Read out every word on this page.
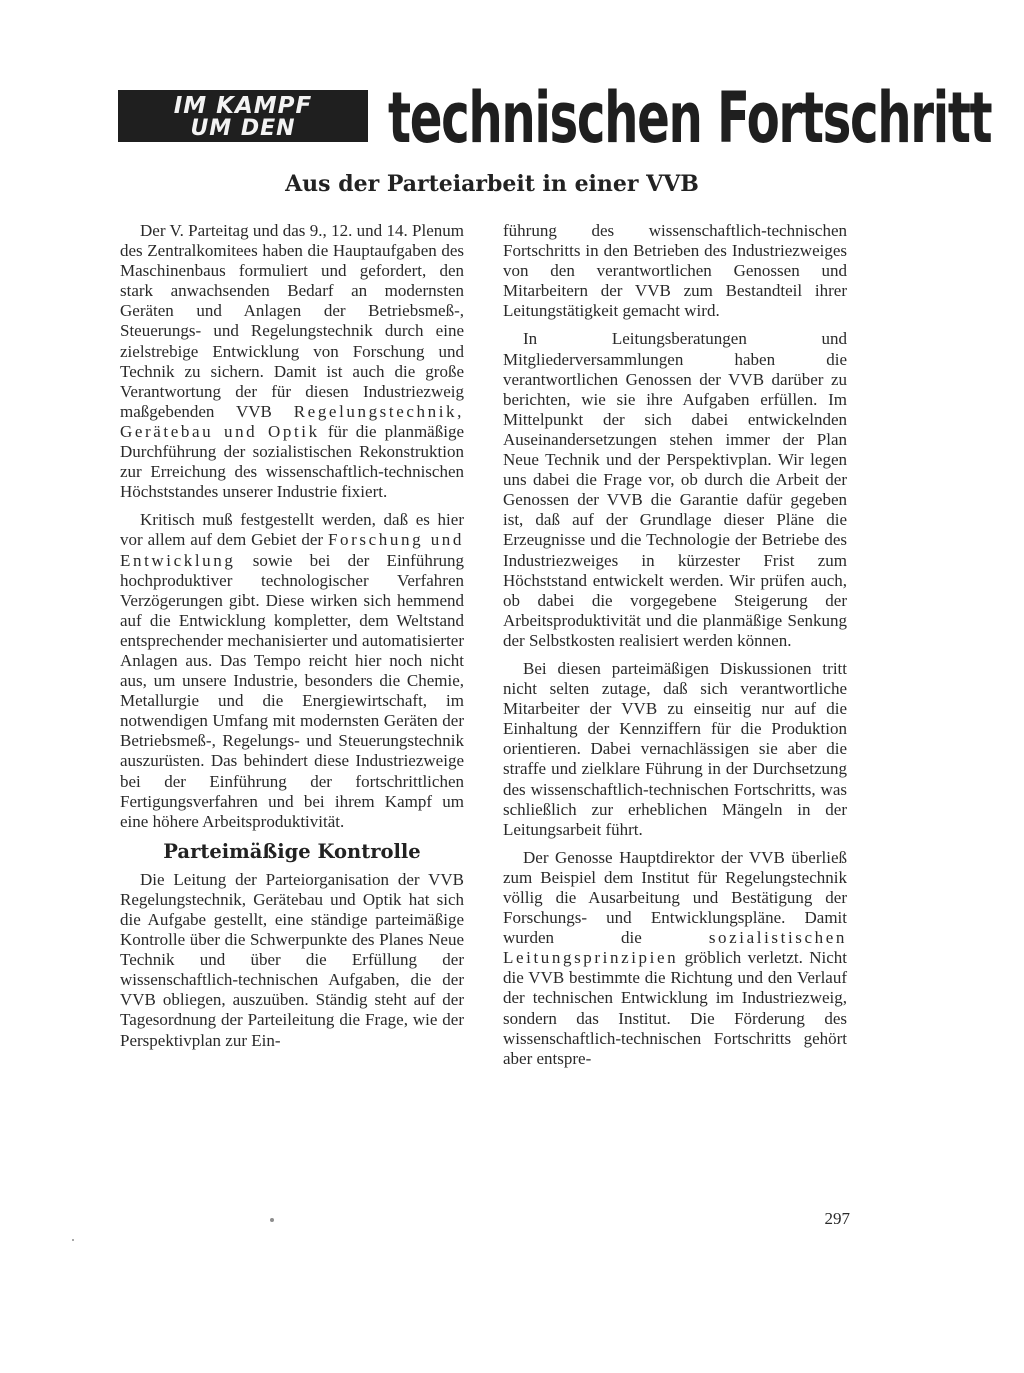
IM KAMPF
UM DEN	technischen Fortschritt
Aus der Parteiarbeit in einer VVB

Der V. Parteitag und das 9., 12. und 14. Plenum des Zentralkomitees haben die Hauptaufgaben des Maschinenbaus formuliert und gefordert, den stark anwachsenden Bedarf an modernsten Geräten und Anlagen der Betriebsmeß-, Steuerungs- und Regelungstechnik durch eine zielstrebige Entwicklung von Forschung und Technik zu sichern. Damit ist auch die große Verantwortung der für diesen Industriezweig maßgebenden VVB Regelungstechnik, Gerätebau und Optik für die planmäßige Durchführung der sozialistischen Rekonstruktion zur Erreichung des wissenschaftlich-technischen Höchststandes unserer Industrie fixiert.

Kritisch muß festgestellt werden, daß es hier vor allem auf dem Gebiet der Forschung und Entwicklung sowie bei der Einführung hochproduktiver technologischer Verfahren Verzögerungen gibt. Diese wirken sich hemmend auf die Entwicklung kompletter, dem Weltstand entsprechender mechanisierter und automatisierter Anlagen aus. Das Tempo reicht hier noch nicht aus, um unsere Industrie, besonders die Chemie, Metallurgie und die Energiewirtschaft, im notwendigen Umfang mit modernsten Geräten der Betriebsmeß-, Regelungs- und Steuerungstechnik auszurüsten. Das behindert diese Industriezweige bei der Einführung der fortschrittlichen Fertigungsverfahren und bei ihrem Kampf um eine höhere Arbeitsproduktivität.

Parteimäßige Kontrolle

Die Leitung der Parteiorganisation der VVB Regelungstechnik, Gerätebau und Optik hat sich die Aufgabe gestellt, eine ständige parteimäßige Kontrolle über die Schwerpunkte des Planes Neue Technik und über die Erfüllung der wissenschaftlich-technischen Aufgaben, die der VVB obliegen, auszuüben. Ständig steht auf der Tagesordnung der Parteileitung die Frage, wie der Perspektivplan zur Ein-

führung des wissenschaftlich-technischen Fortschritts in den Betrieben des Industriezweiges von den verantwortlichen Genossen und Mitarbeitern der VVB zum Bestandteil ihrer Leitungstätigkeit gemacht wird.

In Leitungsberatungen und Mitgliederversammlungen haben die verantwortlichen Genossen der VVB darüber zu berichten, wie sie ihre Aufgaben erfüllen. Im Mittelpunkt der sich dabei entwickelnden Auseinandersetzungen stehen immer der Plan Neue Technik und der Perspektivplan. Wir legen uns dabei die Frage vor, ob durch die Arbeit der Genossen der VVB die Garantie dafür gegeben ist, daß auf der Grundlage dieser Pläne die Erzeugnisse und die Technologie der Betriebe des Industriezweiges in kürzester Frist zum Höchststand entwickelt werden. Wir prüfen auch, ob dabei die vorgegebene Steigerung der Arbeitsproduktivität und die planmäßige Senkung der Selbstkosten realisiert werden können.

Bei diesen parteimäßigen Diskussionen tritt nicht selten zutage, daß sich verantwortliche Mitarbeiter der VVB zu einseitig nur auf die Einhaltung der Kennziffern für die Produktion orientieren. Dabei vernachlässigen sie aber die straffe und zielklare Führung in der Durchsetzung des wissenschaftlich-technischen Fortschritts, was schließlich zur erheblichen Mängeln in der Leitungsarbeit führt.

Der Genosse Hauptdirektor der VVB überließ zum Beispiel dem Institut für Regelungstechnik völlig die Ausarbeitung und Bestätigung der Forschungs- und Entwicklungspläne. Damit wurden die sozialistischen Leitungsprinzipien gröblich verletzt. Nicht die VVB bestimmte die Richtung und den Verlauf der technischen Entwicklung im Industriezweig, sondern das Institut. Die Förderung des wissenschaftlich-technischen Fortschritts gehört aber entspre-

297
